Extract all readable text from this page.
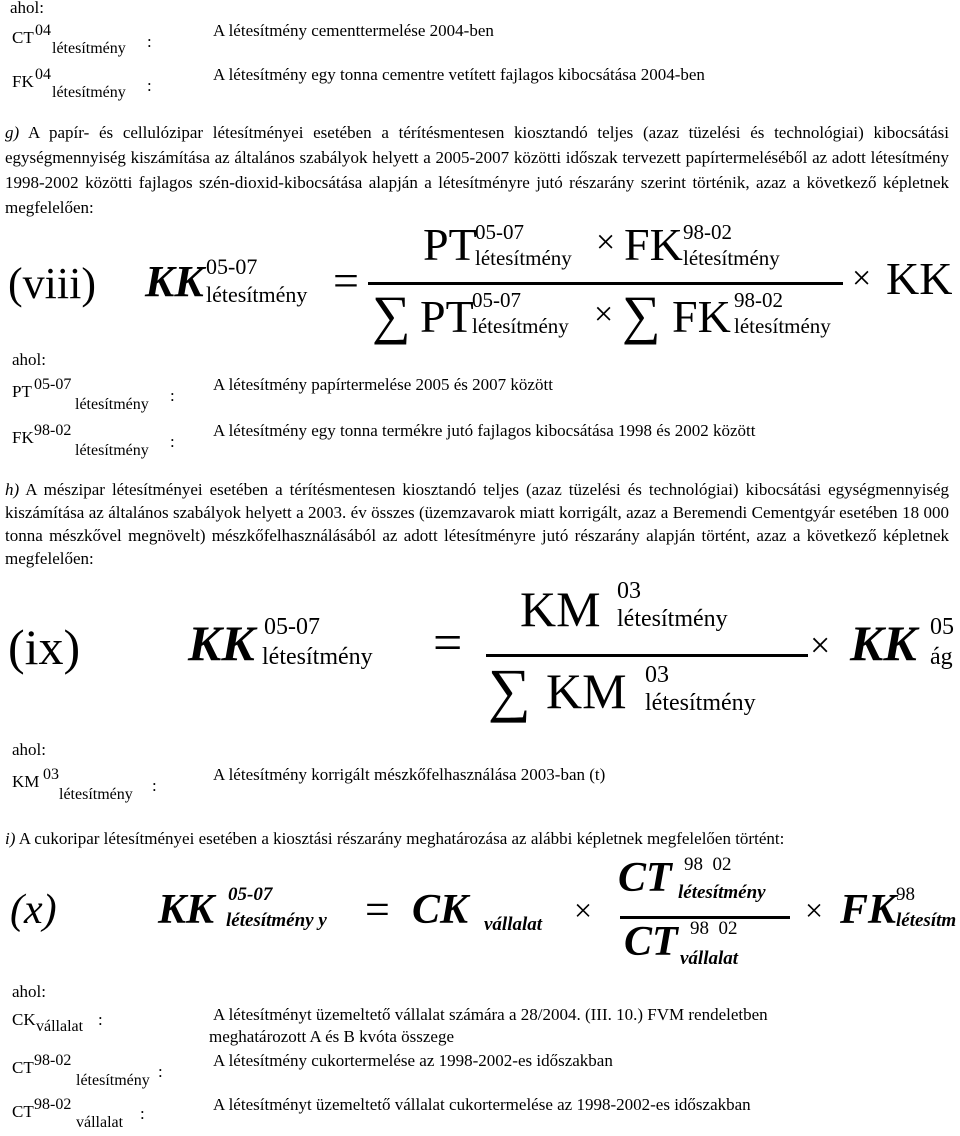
ahol:
CT 04
létesítmény :
A létesítmény cementtermelése 2004-ben
FK 04
létesítmény :
A létesítmény egy tonna cementre vetített fajlagos kibocsátása 2004-ben
g) A papír- és cellulózipar létesítményei esetében a térítésmentesen kiosztandó teljes (azaz tüzelési és technológiai) kibocsátási egységmennyiség kiszámítása az általános szabályok helyett a 2005-2007 közötti időszak tervezett papírtermeléséből az adott létesítmény 1998-2002 közötti fajlagos szén-dioxid-kibocsátása alapján a létesítményre jutó részarány szerint történik, azaz a következő képletnek megfelelően:
(viii) KK 05-07
létesítmény =
PT
05-07
létesítmény × FK 98-02
létesítmény
∑ PT
05-07
létesítmény × ∑ FK 98-02
létesítmény
× KK
ahol:
PT 05-07
létesítmény :
A létesítmény papírtermelése 2005 és 2007 között
FK 98-02
létesítmény :
A létesítmény egy tonna termékre jutó fajlagos kibocsátása 1998 és 2002 között
h) A mészipar létesítményei esetében a térítésmentesen kiosztandó teljes (azaz tüzelési és technológiai) kibocsátási egységmennyiség kiszámítása az általános szabályok helyett a 2003. év összes (üzemzavarok miatt korrigált, azaz a Beremendi Cementgyár esetében 18 000 tonna mészkővel megnövelt) mészkőfelhasználásából az adott létesítményre jutó részarány alapján történt, azaz a következő képletnek megfelelően:
(ix) KK 05-07
létesítmény =
KM 03
létesítmény
∑ KM 03
létesítmény
× KK 05
ág
ahol:
KM 03
létesítmény :
A létesítmény korrigált mészkőfelhasználása 2003-ban (t)
i) A cukoripar létesítményei esetében a kiosztási részarány meghatározása az alábbi képletnek megfelelően történt:
(x) KK 05-07
létesítmény y = CK vállalat ×
CT 98  02
létesítmény
CT 98  02
vállalat
× FK 98
létesítm
ahol:
CK vállalat :	A létesítményt üzemeltető vállalat számára a 28/2004. (III. 10.) FVM rendeletben
meghatározott A és B kvóta összege
CT 98-02
létesítmény :
A létesítmény cukortermelése az 1998-2002-es időszakban
CT 98-02
vállalat :	A létesítményt üzemeltető vállalat cukortermelése az 1998-2002-es időszakban
